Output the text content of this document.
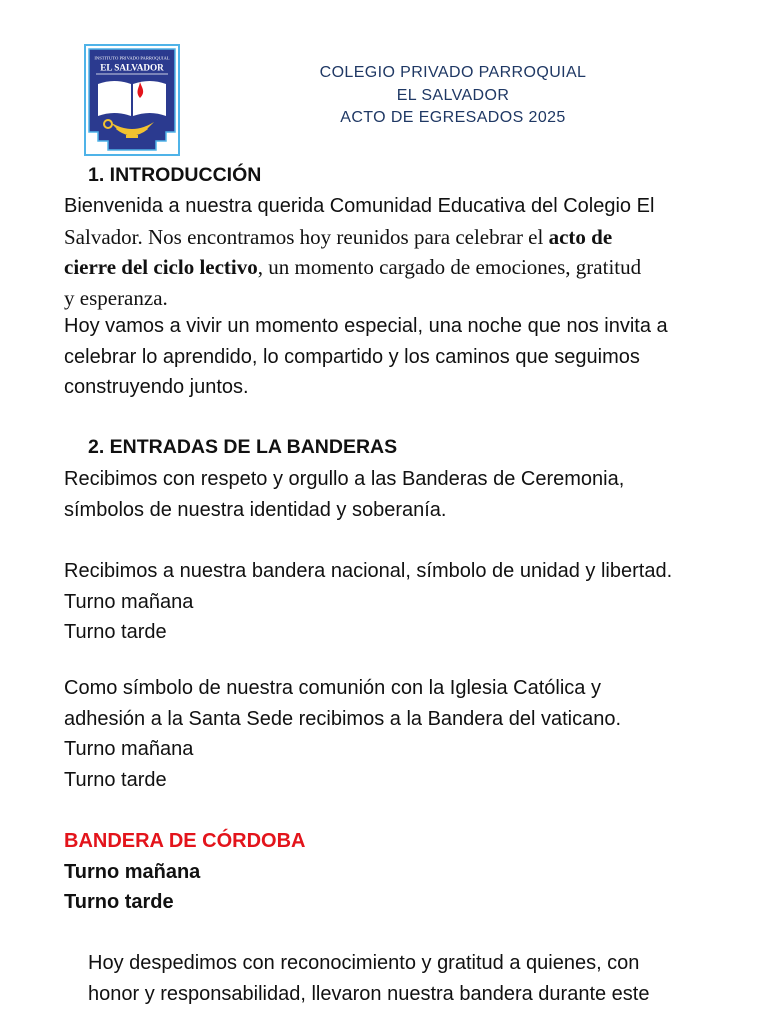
INSTITUTO PRIVADO PARROQUIAL
EL SALVADOR	COLEGIO PRIVADO PARROQUIAL
EL SALVADOR
ACTO DE EGRESADOS 2025
1. INTRODUCCIÓN
Bienvenida a nuestra querida Comunidad Educativa del Colegio El
Salvador. Nos encontramos hoy reunidos para celebrar el acto de
cierre del ciclo lectivo, un momento cargado de emociones, gratitud
y esperanza.
Hoy vamos a vivir un momento especial, una noche que nos invita a
celebrar lo aprendido, lo compartido y los caminos que seguimos
construyendo juntos.
2. ENTRADAS DE LA BANDERAS
Recibimos con respeto y orgullo a las Banderas de Ceremonia,
símbolos de nuestra identidad y soberanía.
Recibimos a nuestra bandera nacional, símbolo de unidad y libertad.
Turno mañana
Turno tarde
Como símbolo de nuestra comunión con la Iglesia Católica y
adhesión a la Santa Sede recibimos a la Bandera del vaticano.
Turno mañana
Turno tarde
BANDERA DE CÓRDOBA
Turno mañana
Turno tarde
Hoy despedimos con reconocimiento y gratitud a quienes, con
honor y responsabilidad, llevaron nuestra bandera durante este
